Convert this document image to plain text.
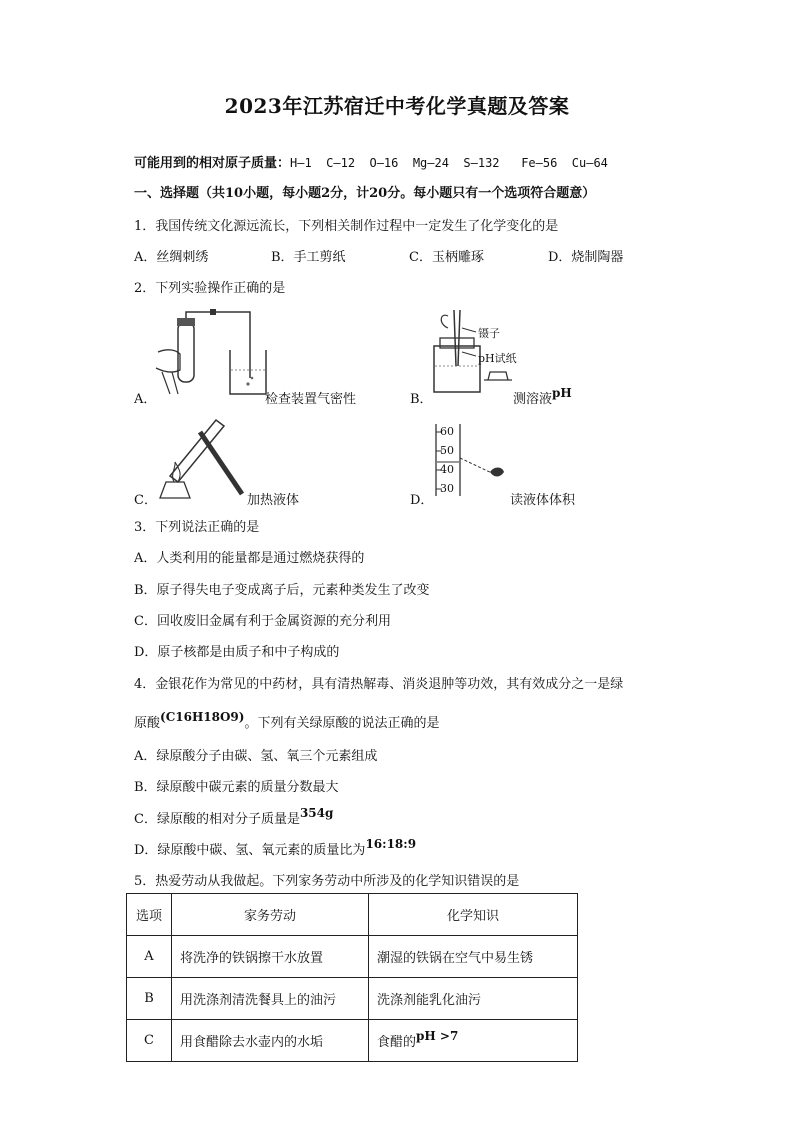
2023年江苏宿迁中考化学真题及答案
可能用到的相对原子质量：H—1  C—12  O—16  Mg—24  S—132   Fe—56  Cu—64
一、选择题（共10小题，每小题2分，计20分。每小题只有一个选项符合题意）
1．我国传统文化源远流长，下列相关制作过程中一定发生了化学变化的是
A．丝绸刺绣	B．手工剪纸	C．玉柄雕琢	D．烧制陶器
2．下列实验操作正确的是
A．	检查装置气密性	B．
镊子
pH试纸
测溶液pH
C．	加热液体	D．
60
50
40
30
读液体体积
3．下列说法正确的是
A．人类利用的能量都是通过燃烧获得的
B．原子得失电子变成离子后，元素种类发生了改变
C．回收废旧金属有利于金属资源的充分利用
D．原子核都是由质子和中子构成的
4．金银花作为常见的中药材，具有清热解毒、消炎退肿等功效，其有效成分之一是绿
原酸(C16H18O9)。下列有关绿原酸的说法正确的是
A．绿原酸分子由碳、氢、氧三个元素组成
B．绿原酸中碳元素的质量分数最大
C．绿原酸的相对分子质量是354g
D．绿原酸中碳、氢、氧元素的质量比为16:18:9
5．热爱劳动从我做起。下列家务劳动中所涉及的化学知识错误的是
选项	家务劳动	化学知识
A	将洗净的铁锅擦干水放置	潮湿的铁锅在空气中易生锈
B	用洗涤剂清洗餐具上的油污	洗涤剂能乳化油污
C	用食醋除去水壶内的水垢	食醋的pH >7
